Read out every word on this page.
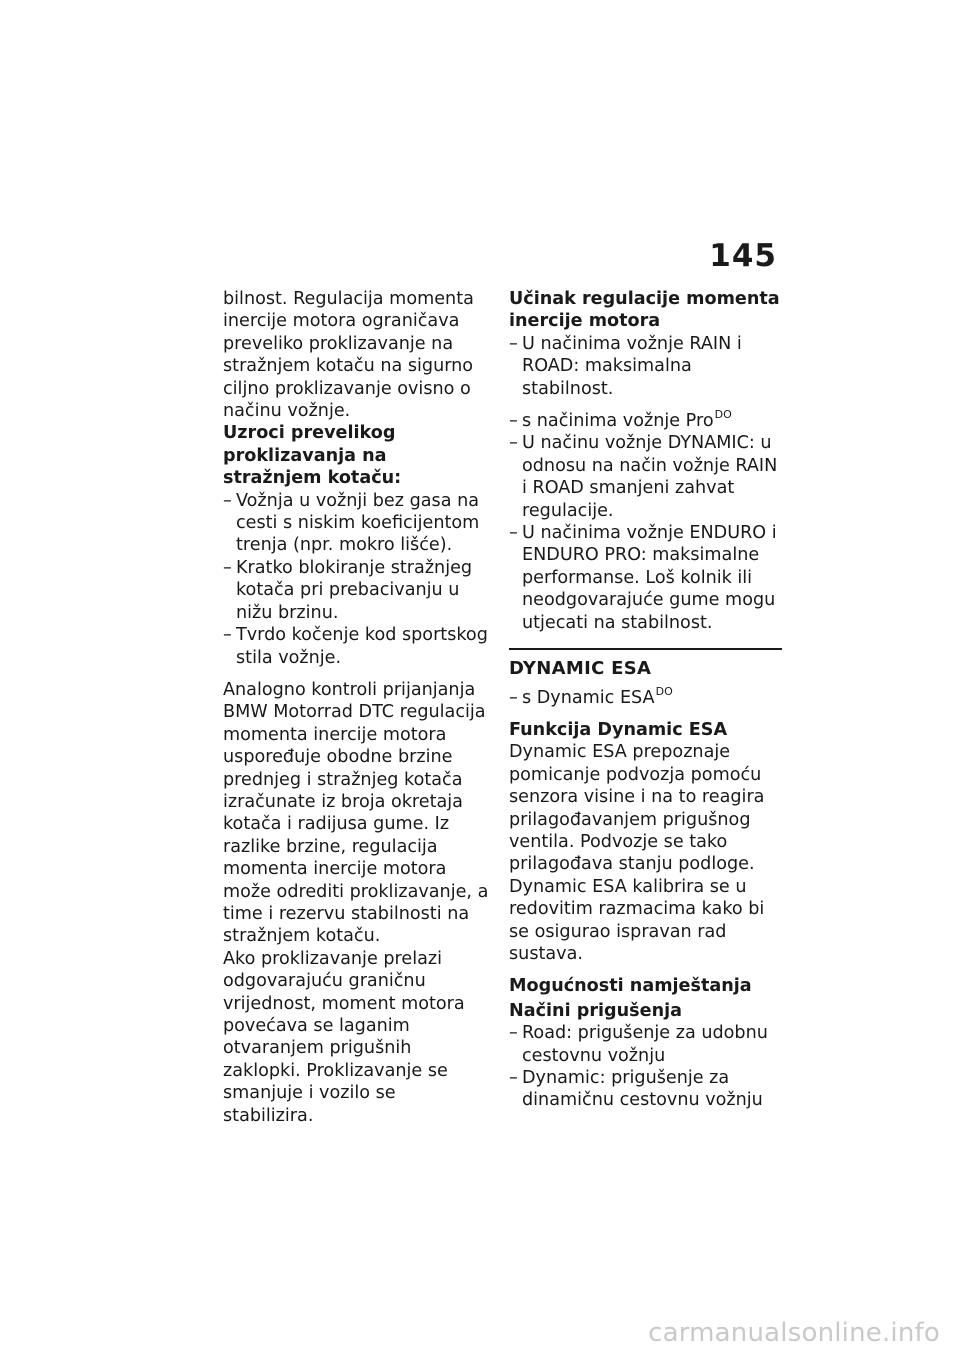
145

bilnost. Regulacija momenta inercije motora ograničava preveliko proklizavanje na stražnjem kotaču na sigurno ciljno proklizavanje ovisno o načinu vožnje.

Uzroci prevelikog proklizavanja na stražnjem kotaču:

– Vožnja u vožnji bez gasa na cesti s niskim koeficijentom trenja (npr. mokro lišće).
– Kratko blokiranje stražnjeg kotača pri prebacivanju u nižu brzinu.
– Tvrdo kočenje kod sportskog stila vožnje.

Analogno kontroli prijanjanja BMW Motorrad DTC regulacija momenta inercije motora uspoređuje obodne brzine prednjeg i stražnjeg kotača izračunate iz broja okretaja kotača i radijusa gume. Iz razlike brzine, regulacija momenta inercije motora može odrediti proklizavanje, a time i rezervu stabilnosti na stražnjem kotaču.

Ako proklizavanje prelazi odgovarajuću graničnu vrijednost, moment motora povećava se laganim otvaranjem prigušnih zaklopki. Proklizavanje se smanjuje i vozilo se stabilizira.

Učinak regulacije momenta inercije motora

– U načinima vožnje RAIN i ROAD: maksimalna stabilnost.
– s načinima vožnje Pro$^{DO}$
– U načinu vožnje DYNAMIC: u odnosu na način vožnje RAIN i ROAD smanjeni zahvat regulacije.
– U načinima vožnje ENDURO i ENDURO PRO: maksimalne performanse. Loš kolnik ili neodgovarajuće gume mogu utjecati na stabilnost.

DYNAMIC ESA

– s Dynamic $ESA^{DO}$

Funkcija Dynamic ESA

Dynamic ESA prepoznaje pomicanje podvozja pomoću senzora visine i na to reagira prilagođavanjem prigušnog ventila. Podvozje se tako prilagođava stanju podloge.

Dynamic ESA kalibrira se u redovitim razmacima kako bi se osigurao ispravan rad sustava.

Mogućnosti namještanja

Načini prigušenja

– Road: prigušenje za udobnu cestovnu vožnju
– Dynamic: prigušenje za dinamičnu cestovnu vožnju
carmanualsonline.info
